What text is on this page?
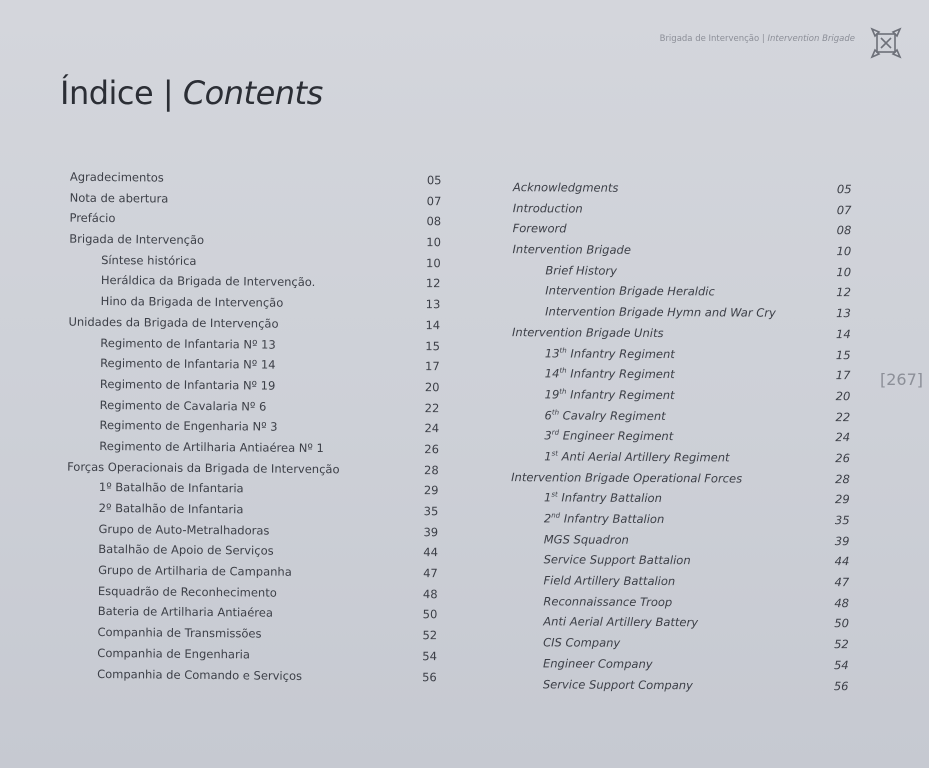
Brigada de Intervenção | Intervention Brigade
Índice | Contents
Agradecimentos	05
Nota de abertura	07
Prefácio	08
Brigada de Intervenção	10
Síntese histórica	10
Heráldica da Brigada de Intervenção.	12
Hino da Brigada de Intervenção	13
Unidades da Brigada de Intervenção	14
Regimento de Infantaria Nº 13	15
Regimento de Infantaria Nº 14	17
Regimento de Infantaria Nº 19	20
Regimento de Cavalaria Nº 6	22
Regimento de Engenharia Nº 3	24
Regimento de Artilharia Antiaérea Nº 1	26
Forças Operacionais da Brigada de Intervenção	28
1º Batalhão de Infantaria	29
2º Batalhão de Infantaria	35
Grupo de Auto-Metralhadoras	39
Batalhão de Apoio de Serviços	44
Grupo de Artilharia de Campanha	47
Esquadrão de Reconhecimento	48
Bateria de Artilharia Antiaérea	50
Companhia de Transmissões	52
Companhia de Engenharia	54
Companhia de Comando e Serviços	56
Acknowledgments	05
Introduction	07
Foreword	08
Intervention Brigade	10
Brief History	10
Intervention Brigade Heraldic	12
Intervention Brigade Hymn and War Cry	13
Intervention Brigade Units	14
13th Infantry Regiment	15
14th Infantry Regiment	17
19th Infantry Regiment	20
6th Cavalry Regiment	22
3rd Engineer Regiment	24
1st Anti Aerial Artillery Regiment	26
Intervention Brigade Operational Forces	28
1st Infantry Battalion	29
2nd Infantry Battalion	35
MGS Squadron	39
Service Support Battalion	44
Field Artillery Battalion	47
Reconnaissance Troop	48
Anti Aerial Artillery Battery	50
CIS Company	52
Engineer Company	54
Service Support Company	56
[267]
